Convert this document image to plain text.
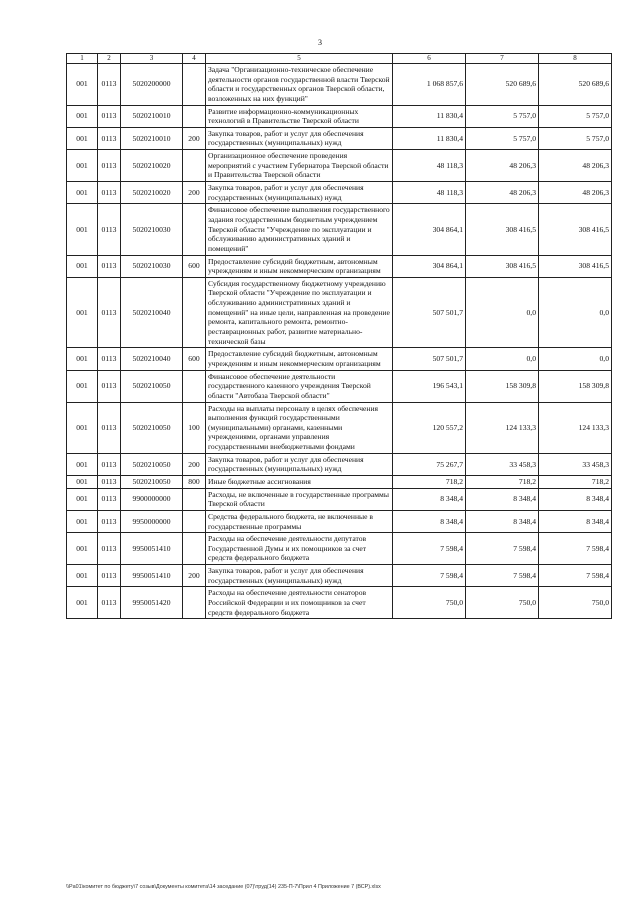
3
1	2	3	4	5	6	7	8
001	0113	5020200000		Задача "Организационно-техническое обеспечение деятельности органов государственной власти Тверской области и государственных органов Тверской области, возложенных на них функций"	1 068 857,6	520 689,6	520 689,6
001	0113	5020210010		Развитие информационно-коммуникационных технологий в Правительстве Тверской области	11 830,4	5 757,0	5 757,0
001	0113	5020210010	200	Закупка товаров, работ и услуг для обеспечения государственных (муниципальных) нужд	11 830,4	5 757,0	5 757,0
001	0113	5020210020		Организационное обеспечение проведения мероприятий с участием Губернатора Тверской области и Правительства Тверской области	48 118,3	48 206,3	48 206,3
001	0113	5020210020	200	Закупка товаров, работ и услуг для обеспечения государственных (муниципальных) нужд	48 118,3	48 206,3	48 206,3
001	0113	5020210030		Финансовое обеспечение выполнения государственного задания государственным бюджетным учреждением Тверской области "Учреждение по эксплуатации и обслуживанию административных зданий и помещений"	304 864,1	308 416,5	308 416,5
001	0113	5020210030	600	Предоставление субсидий бюджетным, автономным учреждениям и иным некоммерческим организациям	304 864,1	308 416,5	308 416,5
001	0113	5020210040		Субсидия государственному бюджетному учреждению Тверской области "Учреждение по эксплуатации и обслуживанию административных зданий и помещений" на иные цели, направленная на проведение ремонта, капитального ремонта, ремонтно-реставрационных работ, развитие материально-технической базы	507 501,7	0,0	0,0
001	0113	5020210040	600	Предоставление субсидий бюджетным, автономным учреждениям и иным некоммерческим организациям	507 501,7	0,0	0,0
001	0113	5020210050		Финансовое обеспечение деятельности государственного казенного учреждения Тверской области "Автобаза Тверской области"	196 543,1	158 309,8	158 309,8
001	0113	5020210050	100	Расходы на выплаты персоналу в целях обеспечения выполнения функций государственными (муниципальными) органами, казенными учреждениями, органами управления государственными внебюджетными фондами	120 557,2	124 133,3	124 133,3
001	0113	5020210050	200	Закупка товаров, работ и услуг для обеспечения государственных (муниципальных) нужд	75 267,7	33 458,3	33 458,3
001	0113	5020210050	800	Иные бюджетные ассигнования	718,2	718,2	718,2
001	0113	9900000000		Расходы, не включенные в государственные программы Тверской области	8 348,4	8 348,4	8 348,4
001	0113	9950000000		Средства федерального бюджета, не включенные в государственные программы	8 348,4	8 348,4	8 348,4
001	0113	9950051410		Расходы на обеспечение деятельности депутатов Государственной Думы и их помощников за счет средств федерального бюджета	7 598,4	7 598,4	7 598,4
001	0113	9950051410	200	Закупка товаров, работ и услуг для обеспечения государственных (муниципальных) нужд	7 598,4	7 598,4	7 598,4
001	0113	9950051420		Расходы на обеспечение деятельности сенаторов Российской Федерации и их помощников за счет средств федерального бюджета	750,0	750,0	750,0
\\Pa01\комитет по бюджету\7 созыв\Документы комитета\14 заседание (07)\труд(14) 235-П-7\Прил 4 Приложение 7 (ВСР).xlsx
